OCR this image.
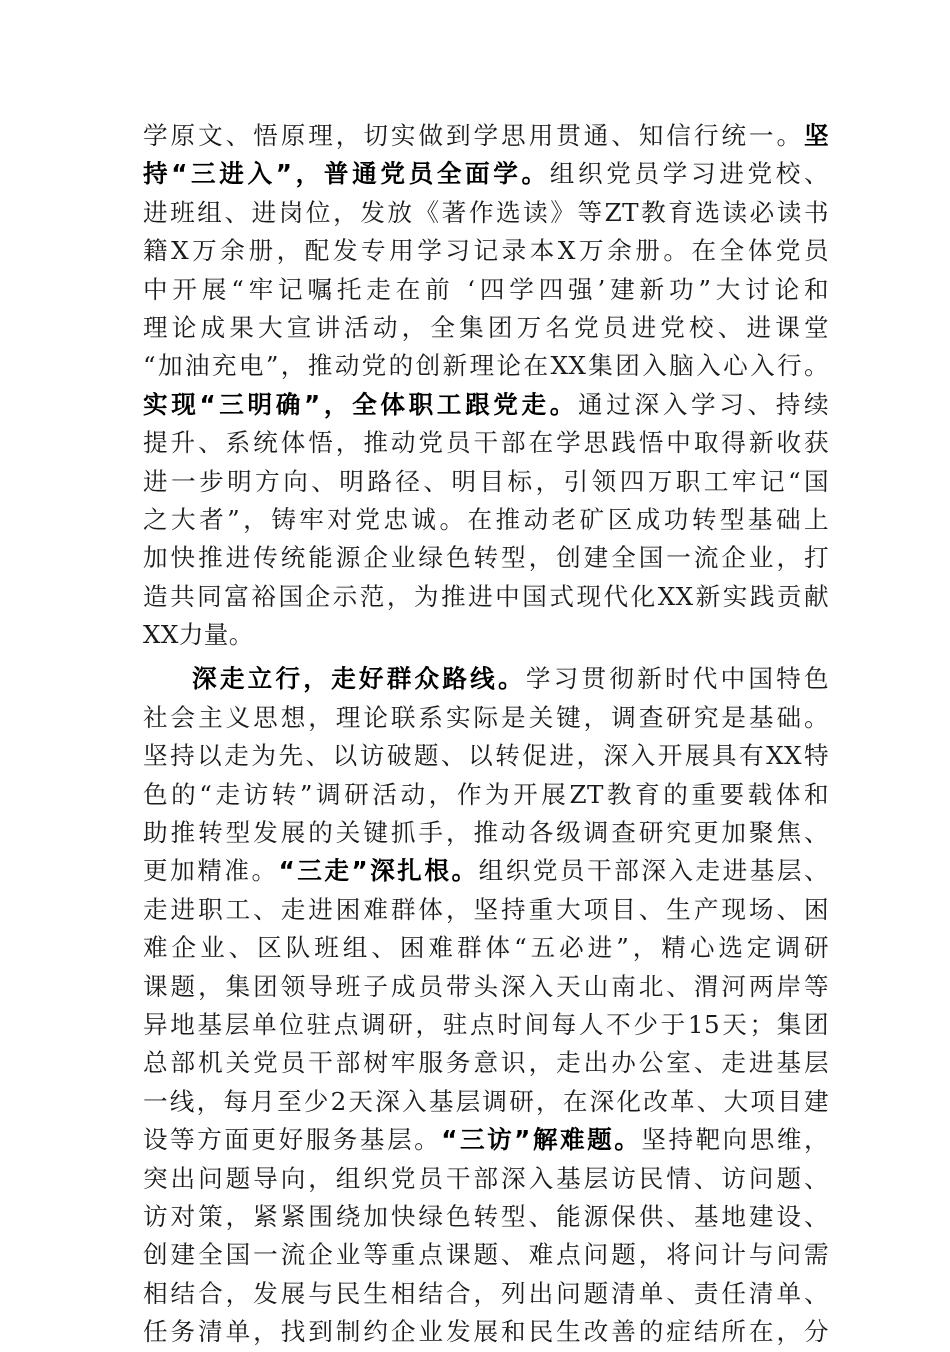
学原文、悟原理，切实做到学思用贯通、知信行统一。坚
持“三进入”，普通党员全面学。组织党员学习进党校、
进班组、进岗位，发放《著作选读》等ZT教育选读必读书
籍X万余册，配发专用学习记录本X万余册。在全体党员
中开展“牢记嘱托走在前 ‘四学四强’建新功”大讨论和
理论成果大宣讲活动，全集团万名党员进党校、进课堂
“加油充电”，推动党的创新理论在XX集团入脑入心入行。
实现“三明确”，全体职工跟党走。通过深入学习、持续
提升、系统体悟，推动党员干部在学思践悟中取得新收获
进一步明方向、明路径、明目标，引领四万职工牢记“国
之大者”，铸牢对党忠诚。在推动老矿区成功转型基础上
加快推进传统能源企业绿色转型，创建全国一流企业，打
造共同富裕国企示范，为推进中国式现代化XX新实践贡献
XX力量。
深走立行，走好群众路线。学习贯彻新时代中国特色
社会主义思想，理论联系实际是关键，调查研究是基础。
坚持以走为先、以访破题、以转促进，深入开展具有XX特
色的“走访转”调研活动，作为开展ZT教育的重要载体和
助推转型发展的关键抓手，推动各级调查研究更加聚焦、
更加精准。“三走”深扎根。组织党员干部深入走进基层、
走进职工、走进困难群体，坚持重大项目、生产现场、困
难企业、区队班组、困难群体“五必进”，精心选定调研
课题，集团领导班子成员带头深入天山南北、渭河两岸等
异地基层单位驻点调研，驻点时间每人不少于15天；集团
总部机关党员干部树牢服务意识，走出办公室、走进基层
一线，每月至少2天深入基层调研，在深化改革、大项目建
设等方面更好服务基层。“三访”解难题。坚持靶向思维，
突出问题导向，组织党员干部深入基层访民情、访问题、
访对策，紧紧围绕加快绿色转型、能源保供、基地建设、
创建全国一流企业等重点课题、难点问题，将问计与问需
相结合，发展与民生相结合，列出问题清单、责任清单、
任务清单，找到制约企业发展和民生改善的症结所在，分
